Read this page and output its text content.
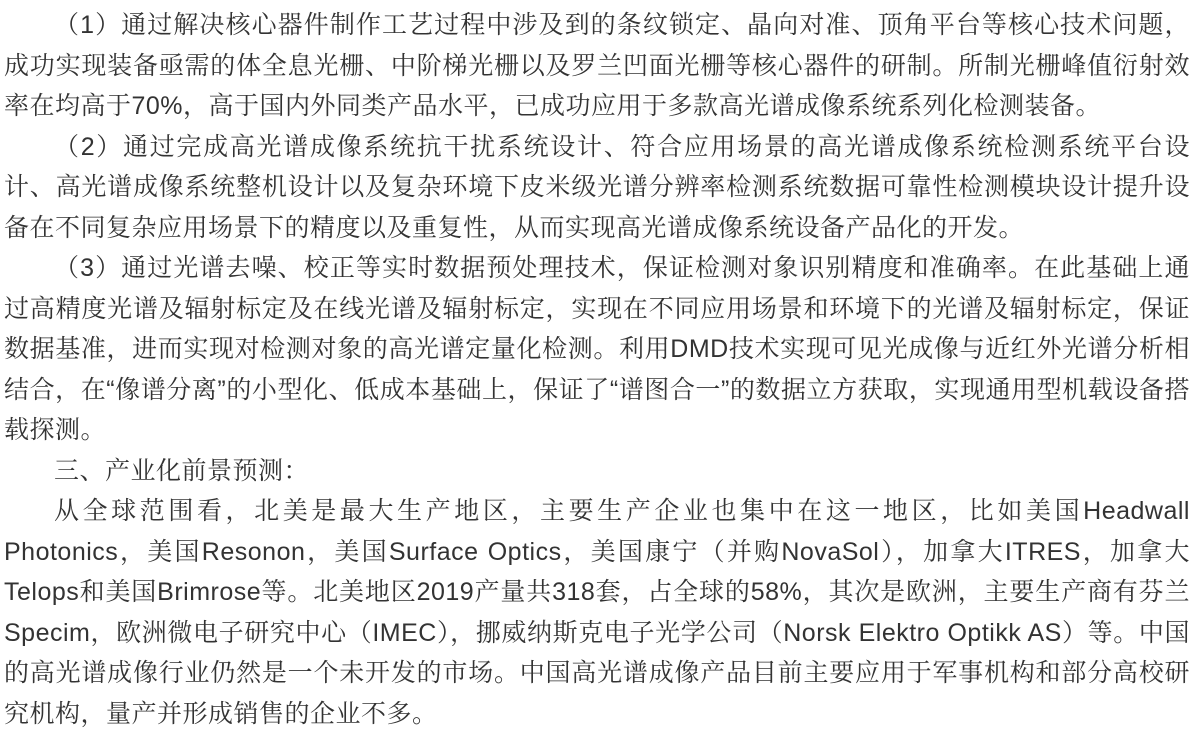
（1）通过解决核心器件制作工艺过程中涉及到的条纹锁定、晶向对准、顶角平台等核心技术问题，成功实现装备亟需的体全息光栅、中阶梯光栅以及罗兰凹面光栅等核心器件的研制。所制光栅峰值衍射效率在均高于70%，高于国内外同类产品水平，已成功应用于多款高光谱成像系统系列化检测装备。

（2）通过完成高光谱成像系统抗干扰系统设计、符合应用场景的高光谱成像系统检测系统平台设计、高光谱成像系统整机设计以及复杂环境下皮米级光谱分辨率检测系统数据可靠性检测模块设计提升设备在不同复杂应用场景下的精度以及重复性，从而实现高光谱成像系统设备产品化的开发。

（3）通过光谱去噪、校正等实时数据预处理技术，保证检测对象识别精度和准确率。在此基础上通过高精度光谱及辐射标定及在线光谱及辐射标定，实现在不同应用场景和环境下的光谱及辐射标定，保证数据基准，进而实现对检测对象的高光谱定量化检测。利用DMD技术实现可见光成像与近红外光谱分析相结合，在“像谱分离”的小型化、低成本基础上，保证了“谱图合一”的数据立方获取，实现通用型机载设备搭载探测。

三、产业化前景预测：

从全球范围看，北美是最大生产地区，主要生产企业也集中在这一地区，比如美国Headwall Photonics，美国Resonon，美国Surface Optics，美国康宁（并购NovaSol），加拿大ITRES，加拿大Telops和美国Brimrose等。北美地区2019产量共318套，占全球的58%，其次是欧洲，主要生产商有芬兰Specim，欧洲微电子研究中心（IMEC），挪威纳斯克电子光学公司（Norsk Elektro Optikk AS）等。中国的高光谱成像行业仍然是一个未开发的市场。中国高光谱成像产品目前主要应用于军事机构和部分高校研究机构，量产并形成销售的企业不多。
